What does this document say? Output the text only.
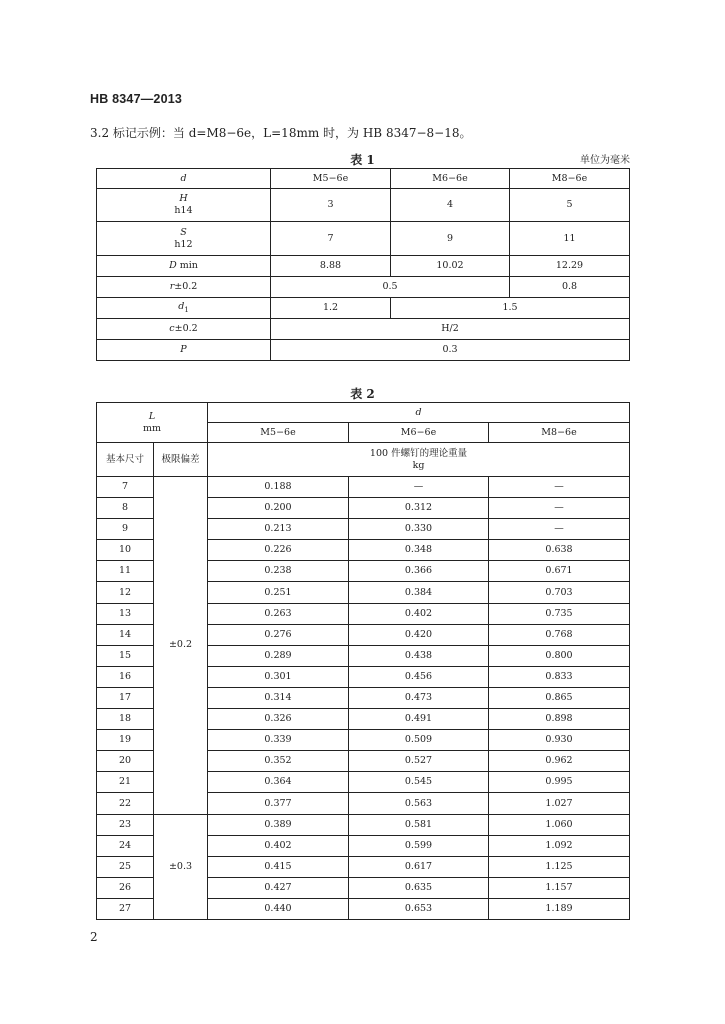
HB 8347—2013
3.2 标记示例：当 d=M8−6e，L=18mm 时，为 HB 8347−8−18。
表 1	单位为毫米
d	M5−6e	M6−6e	M8−6e
H
h14	3	4	5
S
h12	7	9	11
D min	8.88	10.02	12.29
r±0.2	0.5		0.8
$d_1$	1.2	1.5	
c±0.2	H/2		
P	0.3		
表 2
L
mm		d		
		M5−6e	M6−6e	M8−6e
基本尺寸	极限偏差	100 件螺钉的理论重量
kg		
7	±0.2	0.188	—	—
8		0.200	0.312	—
9		0.213	0.330	—
10		0.226	0.348	0.638
11		0.238	0.366	0.671
12		0.251	0.384	0.703
13		0.263	0.402	0.735
14		0.276	0.420	0.768
15		0.289	0.438	0.800
16		0.301	0.456	0.833
17		0.314	0.473	0.865
18		0.326	0.491	0.898
19		0.339	0.509	0.930
20		0.352	0.527	0.962
21		0.364	0.545	0.995
22		0.377	0.563	1.027
23	±0.3	0.389	0.581	1.060
24		0.402	0.599	1.092
25		0.415	0.617	1.125
26		0.427	0.635	1.157
27		0.440	0.653	1.189
2
